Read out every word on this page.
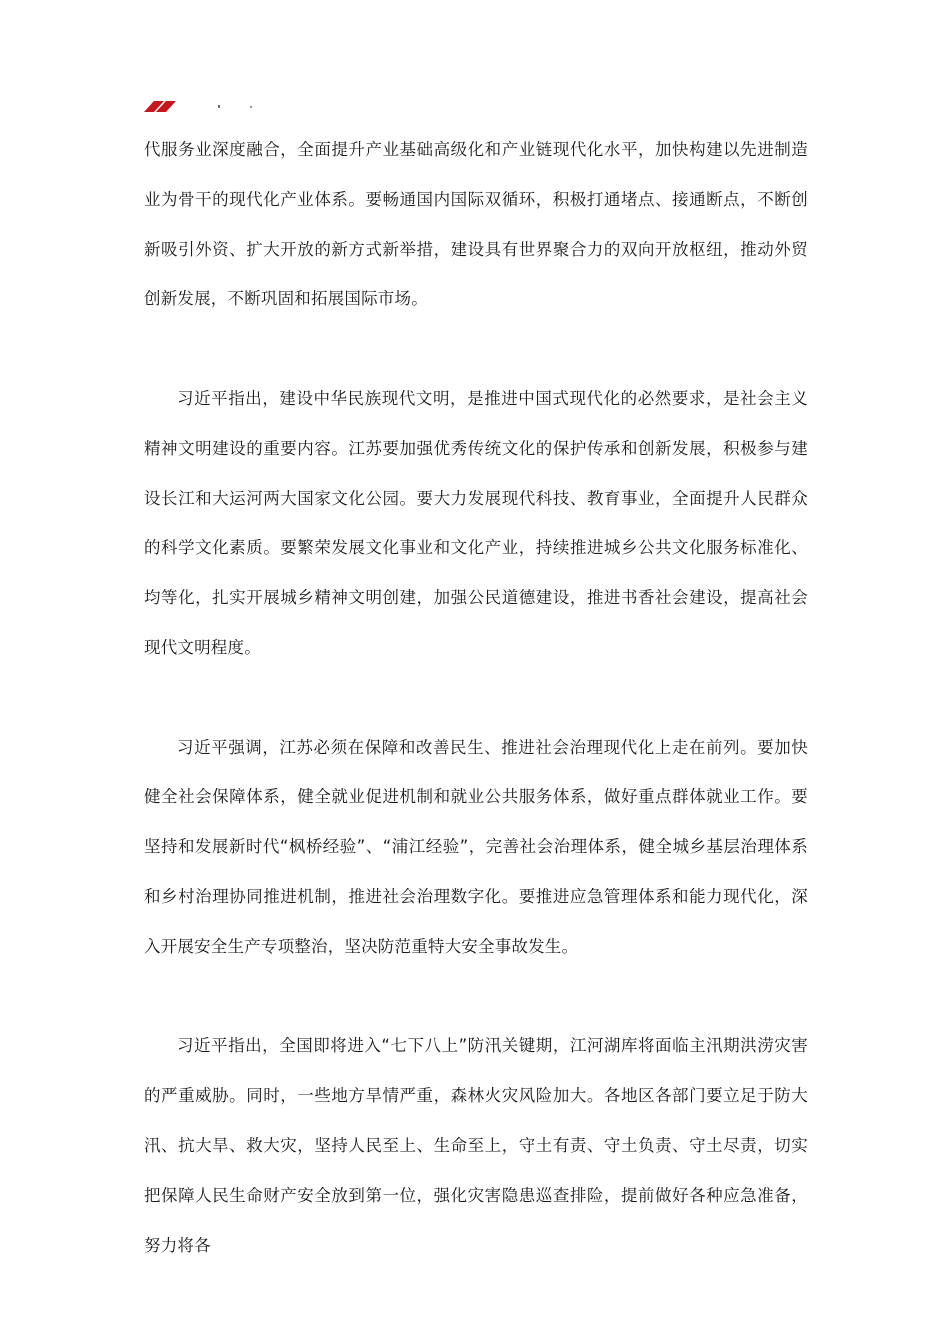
代服务业深度融合，全面提升产业基础高级化和产业链现代化水平，加快构建以先进制造业为骨干的现代化产业体系。要畅通国内国际双循环，积极打通堵点、接通断点，不断创新吸引外资、扩大开放的新方式新举措，建设具有世界聚合力的双向开放枢纽，推动外贸创新发展，不断巩固和拓展国际市场。

习近平指出，建设中华民族现代文明，是推进中国式现代化的必然要求，是社会主义精神文明建设的重要内容。江苏要加强优秀传统文化的保护传承和创新发展，积极参与建设长江和大运河两大国家文化公园。要大力发展现代科技、教育事业，全面提升人民群众的科学文化素质。要繁荣发展文化事业和文化产业，持续推进城乡公共文化服务标准化、均等化，扎实开展城乡精神文明创建，加强公民道德建设，推进书香社会建设，提高社会现代文明程度。

习近平强调，江苏必须在保障和改善民生、推进社会治理现代化上走在前列。要加快健全社会保障体系，健全就业促进机制和就业公共服务体系，做好重点群体就业工作。要坚持和发展新时代“枫桥经验”、“浦江经验”，完善社会治理体系，健全城乡基层治理体系和乡村治理协同推进机制，推进社会治理数字化。要推进应急管理体系和能力现代化，深入开展安全生产专项整治，坚决防范重特大安全事故发生。

习近平指出，全国即将进入“七下八上”防汛关键期，江河湖库将面临主汛期洪涝灾害的严重威胁。同时，一些地方旱情严重，森林火灾风险加大。各地区各部门要立足于防大汛、抗大旱、救大灾，坚持人民至上、生命至上，守土有责、守土负责、守土尽责，切实把保障人民生命财产安全放到第一位，强化灾害隐患巡查排险，提前做好各种应急准备，努力将各
